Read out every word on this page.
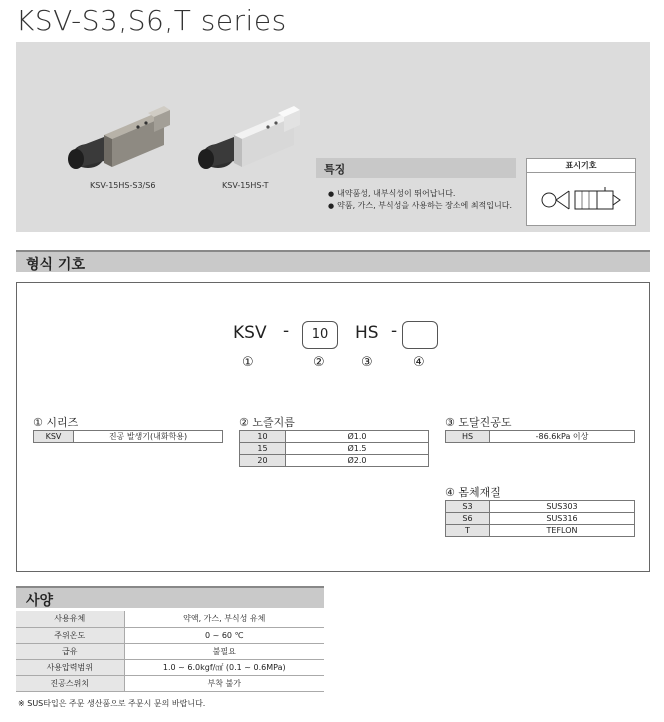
KSV-S3,S6,T series
KSV-15HS-S3/S6	KSV-15HS-T
특징
● 내약품성, 내부식성이 뛰어납니다.
● 약품, 가스, 부식성을 사용하는 장소에 최적입니다.
표시기호
형식 기호
KSV -	10	HS -
①	②	③	④
① 시리즈
KSV	진공 발생기(내화학용)
② 노즐지름
10	Ø1.0
15	Ø1.5
20	Ø2.0
③ 도달진공도
HS	-86.6kPa 이상
④ 몸체재질
S3	SUS303
S6	SUS316
T	TEFLON
사양
사용유체	약액, 가스, 부식성 유체
주위온도	0 ~ 60 ℃
급유	불필요
사용압력범위	1.0 ~ 6.0kgf/㎠ (0.1 ~ 0.6MPa)
진공스위치	부착 불가
※ SUS타입은 주문 생산품으로 주문시 문의 바랍니다.
